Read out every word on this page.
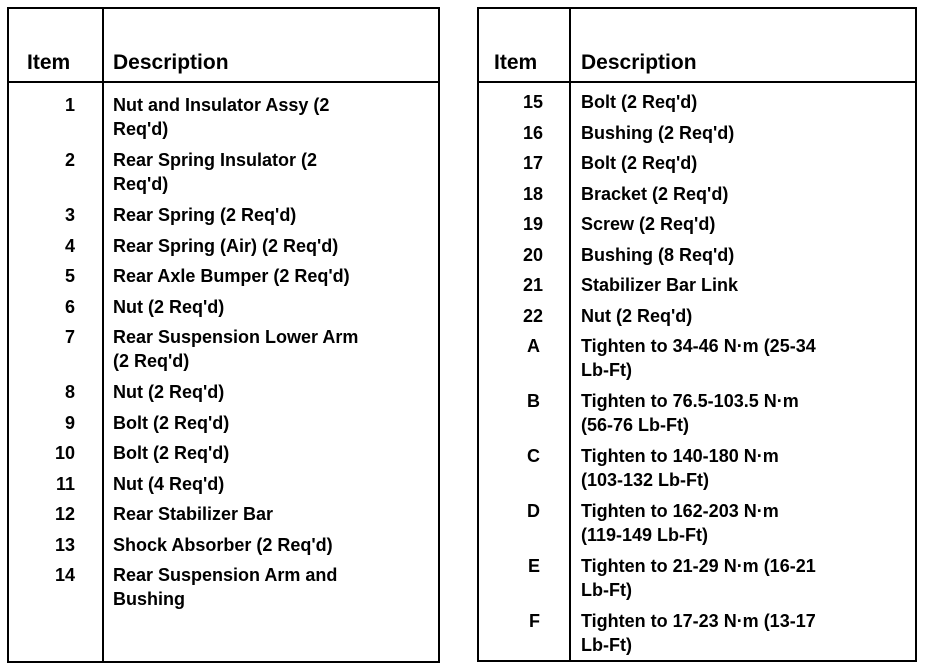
Item Description
1 Nut and Insulator Assy (2
Req'd)
2 Rear Spring Insulator (2
Req'd)
3 Rear Spring (2 Req'd)
4 Rear Spring (Air) (2 Req'd)
5 Rear Axle Bumper (2 Req'd)
6 Nut (2 Req'd)
7 Rear Suspension Lower Arm
(2 Req'd)
8 Nut (2 Req'd)
9 Bolt (2 Req'd)
10 Bolt (2 Req'd)
11 Nut (4 Req'd)
12 Rear Stabilizer Bar
13 Shock Absorber (2 Req'd)
14 Rear Suspension Arm and
Bushing
Item Description
15 Bolt (2 Req'd)
16 Bushing (2 Req'd)
17 Bolt (2 Req'd)
18 Bracket (2 Req'd)
19 Screw (2 Req'd)
20 Bushing (8 Req'd)
21 Stabilizer Bar Link
22 Nut (2 Req'd)
A Tighten to 34-46 N·m (25-34
Lb-Ft)
B Tighten to 76.5-103.5 N·m
(56-76 Lb-Ft)
C Tighten to 140-180 N·m
(103-132 Lb-Ft)
D Tighten to 162-203 N·m
(119-149 Lb-Ft)
E Tighten to 21-29 N·m (16-21
Lb-Ft)
F Tighten to 17-23 N·m (13-17
Lb-Ft)
